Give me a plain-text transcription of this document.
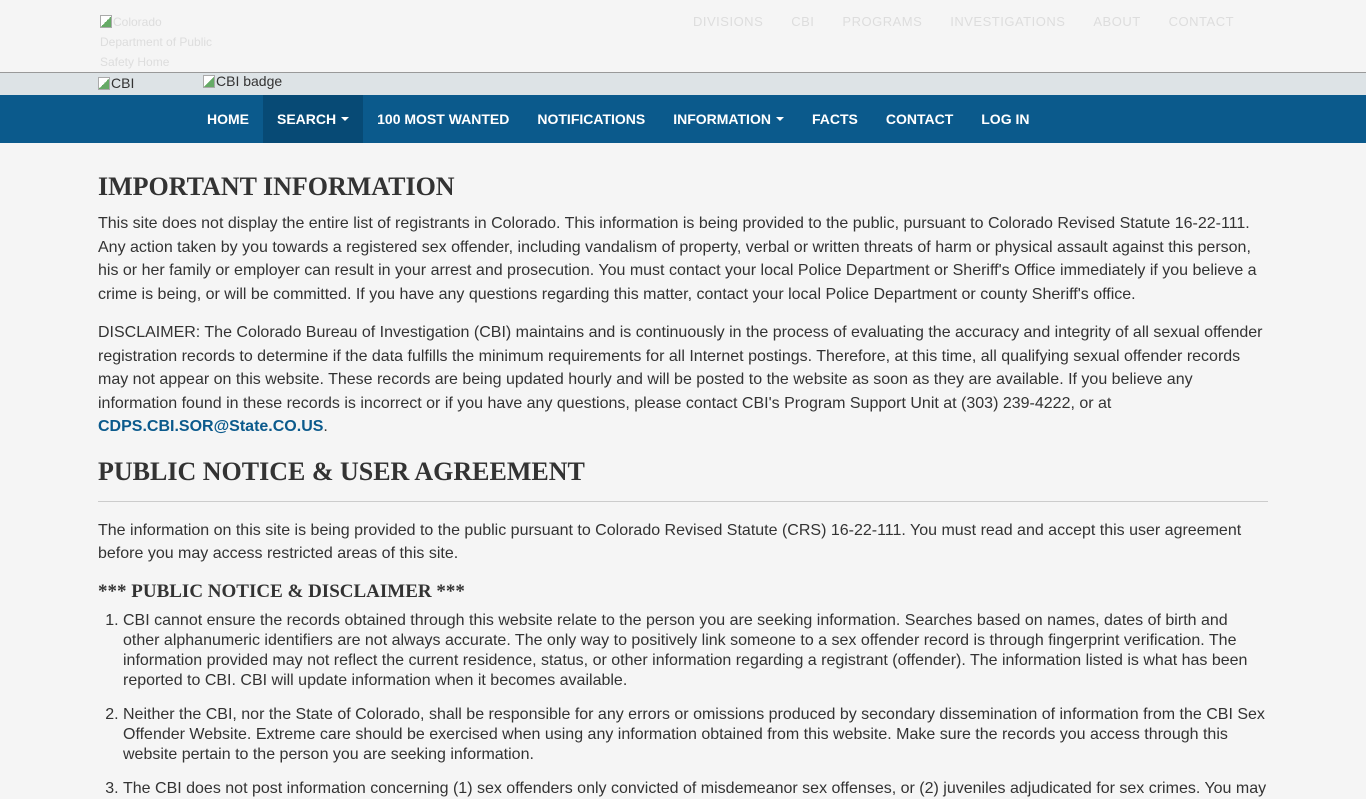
Colorado Department of Public Safety Home
DIVISIONS CBI PROGRAMS INVESTIGATIONS ABOUT CONTACT
CBI	CBI badge
HOME	SEARCH	100 MOST WANTED	NOTIFICATIONS	INFORMATION	FACTS	CONTACT	LOG IN
IMPORTANT INFORMATION

This site does not display the entire list of registrants in Colorado. This information is being provided to the public, pursuant to Colorado Revised Statute 16-22-111. Any action taken by you towards a registered sex offender, including vandalism of property, verbal or written threats of harm or physical assault against this person, his or her family or employer can result in your arrest and prosecution. You must contact your local Police Department or Sheriff's Office immediately if you believe a crime is being, or will be committed. If you have any questions regarding this matter, contact your local Police Department or county Sheriff's office.

DISCLAIMER: The Colorado Bureau of Investigation (CBI) maintains and is continuously in the process of evaluating the accuracy and integrity of all sexual offender registration records to determine if the data fulfills the minimum requirements for all Internet postings. Therefore, at this time, all qualifying sexual offender records may not appear on this website. These records are being updated hourly and will be posted to the website as soon as they are available. If you believe any information found in these records is incorrect or if you have any questions, please contact CBI's Program Support Unit at (303) 239-4222, or at CDPS.CBI.SOR@State.CO.US.

PUBLIC NOTICE & USER AGREEMENT

The information on this site is being provided to the public pursuant to Colorado Revised Statute (CRS) 16-22-111. You must read and accept this user agreement before you may access restricted areas of this site.

*** PUBLIC NOTICE & DISCLAIMER ***
1. CBI cannot ensure the records obtained through this website relate to the person you are seeking information. Searches based on names, dates of birth and other alphanumeric identifiers are not always accurate. The only way to positively link someone to a sex offender record is through fingerprint verification. The information provided may not reflect the current residence, status, or other information regarding a registrant (offender). The information listed is what has been reported to CBI. CBI will update information when it becomes available.
2. Neither the CBI, nor the State of Colorado, shall be responsible for any errors or omissions produced by secondary dissemination of information from the CBI Sex Offender Website. Extreme care should be exercised when using any information obtained from this website. Make sure the records you access through this website pertain to the person you are seeking information.
3. The CBI does not post information concerning (1) sex offenders only convicted of misdemeanor sex offenses, or (2) juveniles adjudicated for sex crimes. You may
